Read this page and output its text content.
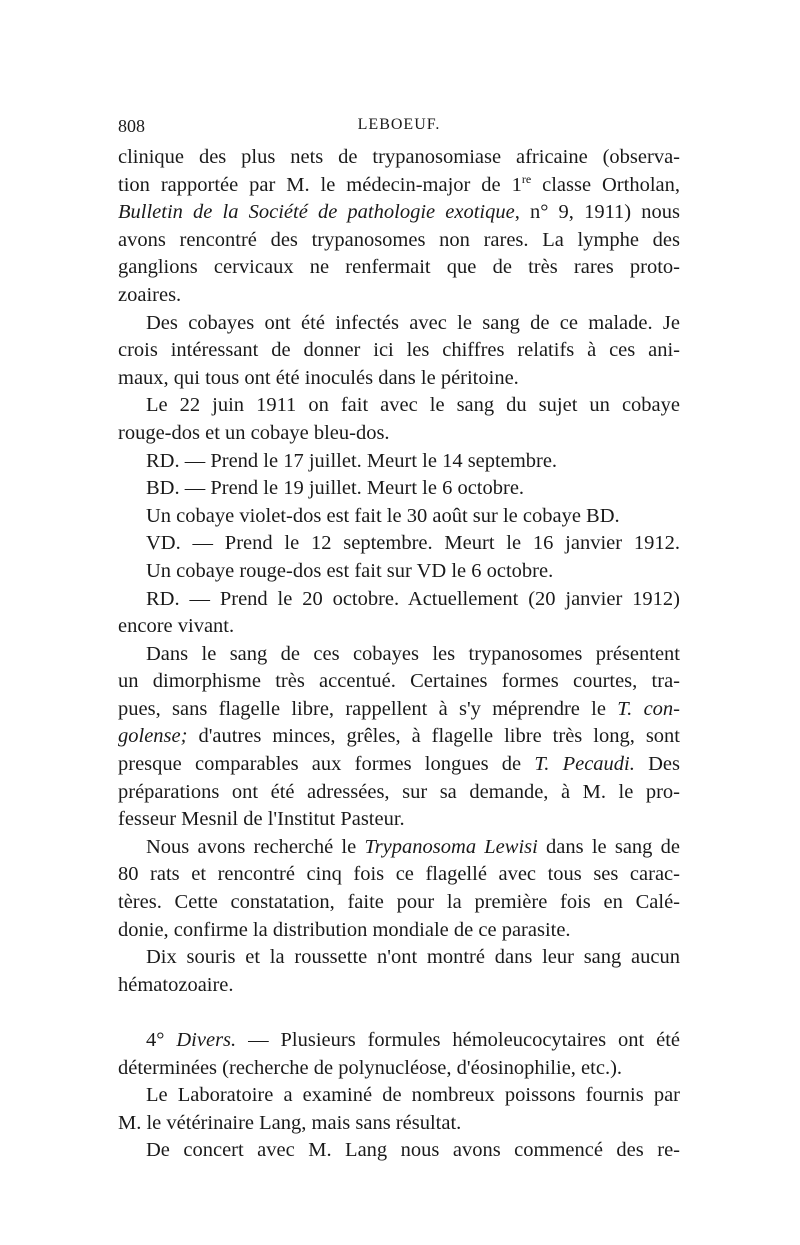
808	LEBOEUF.
clinique des plus nets de trypanosomiase africaine (observa-
tion rapportée par M. le médecin-major de 1re classe Ortholan,
Bulletin de la Société de pathologie exotique, n° 9, 1911) nous
avons rencontré des trypanosomes non rares. La lymphe des
ganglions cervicaux ne renfermait que de très rares proto-
zoaires.
Des cobayes ont été infectés avec le sang de ce malade. Je
crois intéressant de donner ici les chiffres relatifs à ces ani-
maux, qui tous ont été inoculés dans le péritoine.
Le 22 juin 1911 on fait avec le sang du sujet un cobaye
rouge-dos et un cobaye bleu-dos.
RD. — Prend le 17 juillet. Meurt le 14 septembre.
BD. — Prend le 19 juillet. Meurt le 6 octobre.
Un cobaye violet-dos est fait le 30 août sur le cobaye BD.
VD. — Prend le 12 septembre. Meurt le 16 janvier 1912.
Un cobaye rouge-dos est fait sur VD le 6 octobre.
RD. — Prend le 20 octobre. Actuellement (20 janvier 1912)
encore vivant.
Dans le sang de ces cobayes les trypanosomes présentent
un dimorphisme très accentué. Certaines formes courtes, tra-
pues, sans flagelle libre, rappellent à s'y méprendre le T. con-
golense; d'autres minces, grêles, à flagelle libre très long, sont
presque comparables aux formes longues de T. Pecaudi. Des
préparations ont été adressées, sur sa demande, à M. le pro-
fesseur Mesnil de l'Institut Pasteur.
Nous avons recherché le Trypanosoma Lewisi dans le sang de
80 rats et rencontré cinq fois ce flagellé avec tous ses carac-
tères. Cette constatation, faite pour la première fois en Calé-
donie, confirme la distribution mondiale de ce parasite.
Dix souris et la roussette n'ont montré dans leur sang aucun
hématozoaire.
4° Divers. — Plusieurs formules hémoleucocytaires ont été
déterminées (recherche de polynucléose, d'éosinophilie, etc.).
Le Laboratoire a examiné de nombreux poissons fournis par
M. le vétérinaire Lang, mais sans résultat.
De concert avec M. Lang nous avons commencé des re-
